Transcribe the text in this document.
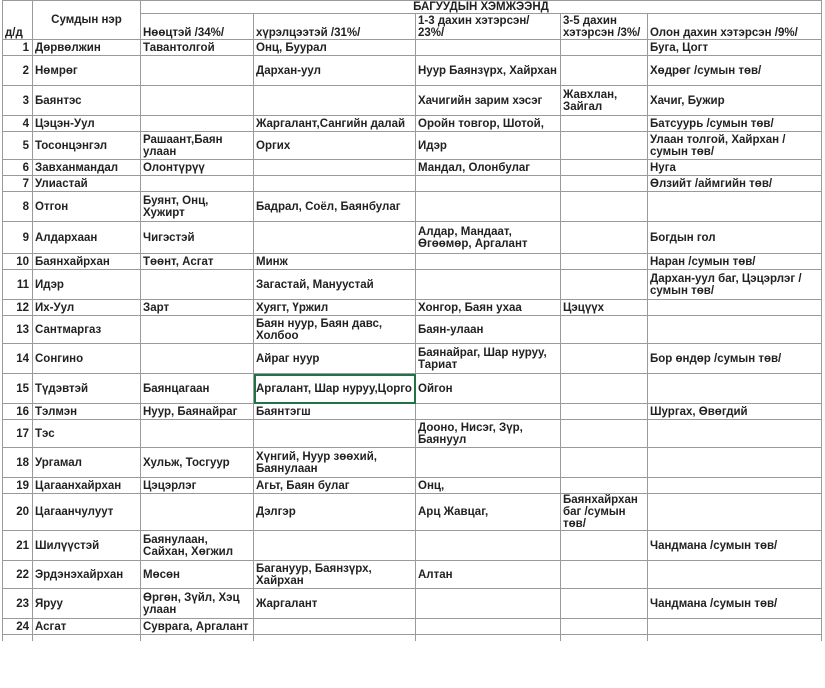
д/д	Сумдын нэр	БАГУУДЫН ХЭМЖЭЭНД				
		Нөөцтэй /34%/	хүрэлцээтэй /31%/	1-3 дахин хэтэрсэн/ 23%/	3-5 дахин хэтэрсэн /3%/	Олон дахин хэтэрсэн /9%/
1	Дөрвөлжин	Тавантолгой	Онц, Буурал			Буга, Цогт
2	Нөмрөг		Дархан-уул	Нуур Баянзүрх, Хайрхан		Хөдрөг /сумын төв/
3	Баянтэс			Хачигийн зарим хэсэг	Жавхлан, Зайгал	Хачиг, Бужир
4	Цэцэн-Уул		Жаргалант,Сангийн далай	Оройн товгор, Шотой,		Батсуурь /сумын төв/
5	Тосонцэнгэл	Рашаант,Баян улаан	Оргих	Идэр		Улаан толгой, Хайрхан /сумын төв/
6	Завханмандал	Олонтүрүү		Мандал, Олонбулаг		Нуга
7	Улиастай					Өлзийт /аймгийн төв/
8	Отгон	Буянт, Онц, Хужирт	Бадрал, Соёл, Баянбулаг			
9	Алдархаан	Чигэстэй		Алдар, Мандаат, Өгөөмөр, Аргалант		Богдын гол
10	Баянхайрхан	Төөнт, Асгат	Минж			Наран /сумын төв/
11	Идэр		Загастай, Мануустай			Дархан-уул баг, Цэцэрлэг /сумын төв/
12	Их-Уул	Зарт	Хуягт, Үржил	Хонгор, Баян ухаа	Цэцүүх	
13	Сантмаргаз		Баян нуур, Баян давс, Холбоо	Баян-улаан		
14	Сонгино		Айраг нуур	Баянайраг, Шар нуруу, Тариат		Бор өндөр /сумын төв/
15	Түдэвтэй	Баянцагаан	Аргалант, Шар нуруу,Цорго	Ойгон		
16	Тэлмэн	Нуур, Баянайраг	Баянтэгш			Шургах, Өвөгдий
17	Тэс			Дооно, Нисэг, Зүр, Баянуул		
18	Ургамал	Хульж, Тосгуур	Хүнгий, Нуур зөөхий, Баянулаан			
19	Цагаанхайрхан	Цэцэрлэг	Агьт, Баян булаг	Онц,		
20	Цагаанчулуут		Дэлгэр	Арц Жавцаг,	Баянхайрхан баг /сумын төв/	
21	Шилүүстэй	Баянулаан, Сайхан, Хөгжил				Чандмана /сумын төв/
22	Эрдэнэхайрхан	Мөсөн	Багануур, Баянзүрх, Хайрхан	Алтан		
23	Яруу	Өргөн, Зүйл, Хэц улаан	Жаргалант			Чандмана /сумын төв/
24	Асгат	Суврага, Аргалант				
